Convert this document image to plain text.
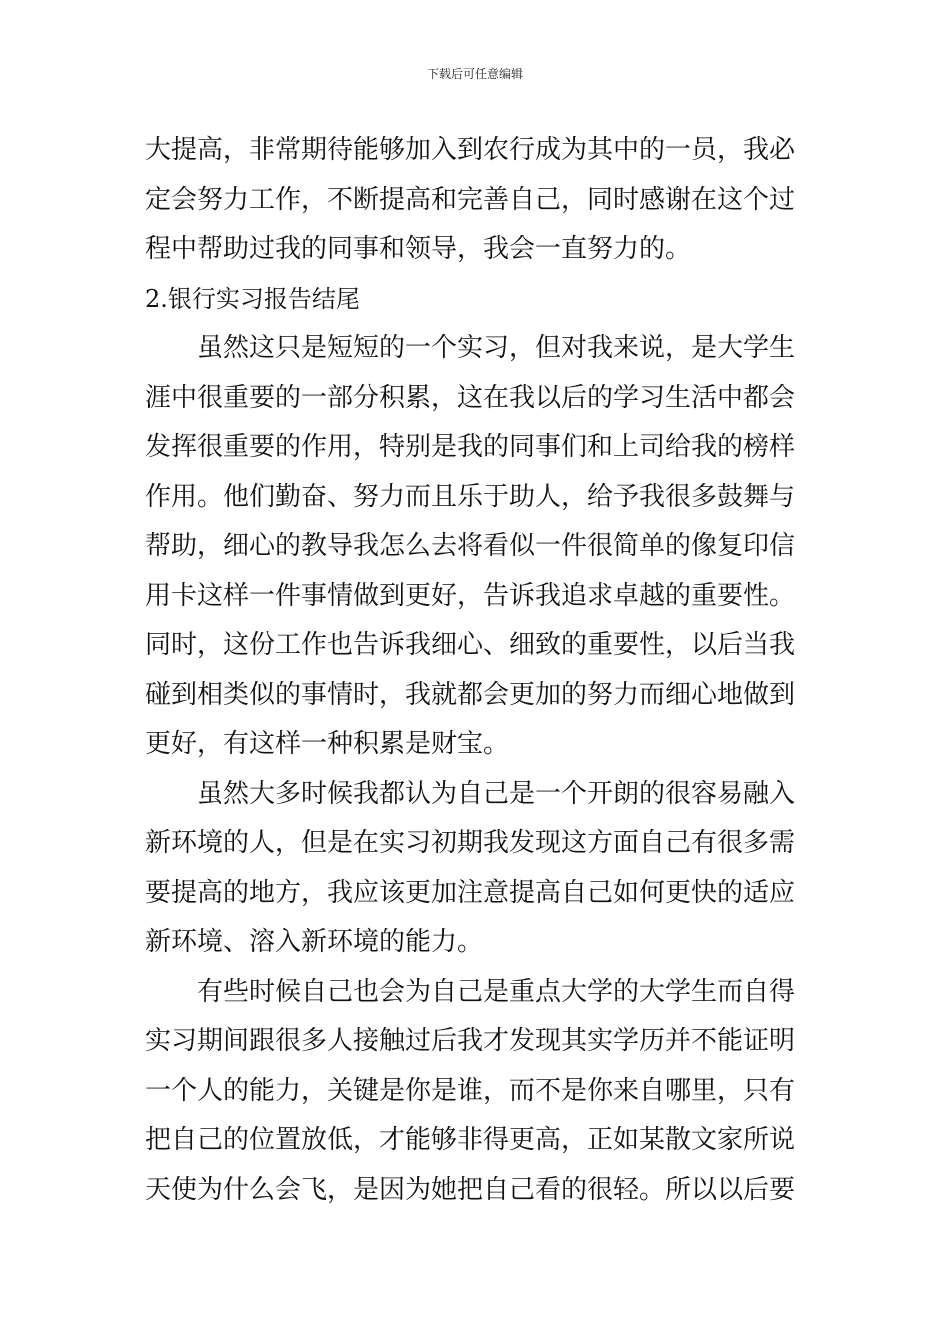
下载后可任意编辑
大提高，非常期待能够加入到农行成为其中的一员，我必
定会努力工作，不断提高和完善自己，同时感谢在这个过
程中帮助过我的同事和领导，我会一直努力的。
2.银行实习报告结尾
　　虽然这只是短短的一个实习，但对我来说，是大学生
涯中很重要的一部分积累，这在我以后的学习生活中都会
发挥很重要的作用，特别是我的同事们和上司给我的榜样
作用。他们勤奋、努力而且乐于助人，给予我很多鼓舞与
帮助，细心的教导我怎么去将看似一件很简单的像复印信
用卡这样一件事情做到更好，告诉我追求卓越的重要性。
同时，这份工作也告诉我细心、细致的重要性，以后当我
碰到相类似的事情时，我就都会更加的努力而细心地做到
更好，有这样一种积累是财宝。
　　虽然大多时候我都认为自己是一个开朗的很容易融入
新环境的人，但是在实习初期我发现这方面自己有很多需
要提高的地方，我应该更加注意提高自己如何更快的适应
新环境、溶入新环境的能力。
　　有些时候自己也会为自己是重点大学的大学生而自得
实习期间跟很多人接触过后我才发现其实学历并不能证明
一个人的能力，关键是你是谁，而不是你来自哪里，只有
把自己的位置放低，才能够非得更高，正如某散文家所说
天使为什么会飞，是因为她把自己看的很轻。所以以后要
